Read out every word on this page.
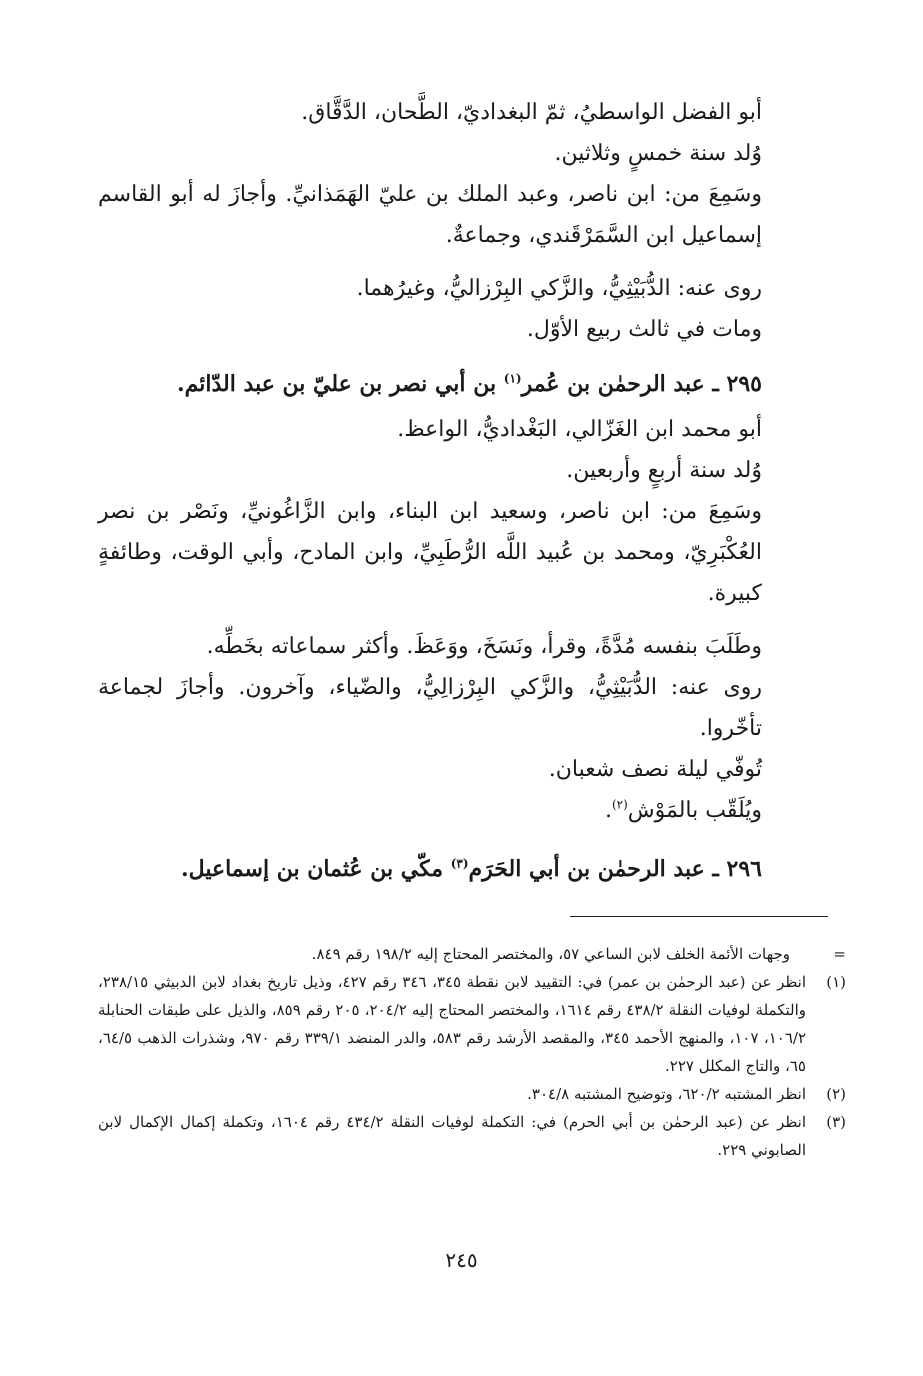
أبو الفضل الواسطيُ، ثمّ البغداديّ، الطَّحان، الدَّقَّاق.

وُلد سنة خمسٍ وثلاثين.

وسَمِعَ من: ابن ناصر، وعبد الملك بن عليّ الهَمَذانيِّ. وأجازَ له أبو القاسم إسماعيل ابن السَّمَرْقَندي، وجماعةٌ.

روى عنه: الدُّبَيْثِيُّ، والزَّكي البِرْزاليُّ، وغيرُهما.

ومات في ثالث ربيع الأوّل.

٢٩٥ ـ عبد الرحمٰن بن عُمر$^{(١)}$ بن أبي نصر بن عليّ بن عبد الدّائم.

أبو محمد ابن الغَزّالي، البَغْداديُّ، الواعظ.

وُلد سنة أربعٍ وأربعين.

وسَمِعَ من: ابن ناصر، وسعيد ابن البناء، وابن الزَّاغُونيِّ، ونَصْر بن نصر العُكْبَرِيّ، ومحمد بن عُبيد اللَّه الرُّطَبِيِّ، وابن المادح، وأبي الوقت، وطائفةٍ كبيرة.

وطَلَبَ بنفسه مُدَّةً، وقرأ، ونَسَخَ، ووَعَظَ. وأكثر سماعاته بخَطِّه.

روى عنه: الدُّبَيْثِيُّ، والزَّكي البِرْزالِيُّ، والضّياء، وآخرون. وأجازَ لجماعة تأخّروا.

تُوفّي ليلة نصف شعبان.

ويُلَقّب بالمَوْش$^{(٢)}$.

٢٩٦ ـ عبد الرحمٰن بن أبي الحَرَم$^{(٣)}$ مكّي بن عُثمان بن إسماعيل.

=
وجهات الأئمة الخلف لابن الساعي ٥٧، والمختصر المحتاج إليه ١٩٨/٢ رقم ٨٤٩.
(١)
انظر عن (عبد الرحمٰن بن عمر) في: التقييد لابن نقطة ٣٤٥، ٣٤٦ رقم ٤٢٧، وذيل تاريخ بغداد لابن الدبيثي ٢٣٨/١٥، والتكملة لوفيات النقلة ٤٣٨/٢ رقم ١٦١٤، والمختصر المحتاج إليه ٢٠٤/٢، ٢٠٥ رقم ٨٥٩، والذيل على طبقات الحنابلة ١٠٦/٢، ١٠٧، والمنهج الأحمد ٣٤٥، والمقصد الأرشد رقم ٥٨٣، والدر المنضد ٣٣٩/١ رقم ٩٧٠، وشذرات الذهب ٦٤/٥، ٦٥، والتاج المكلل ٢٢٧.
(٢)
انظر المشتبه ٦٢٠/٢، وتوضيح المشتبه ٣٠٤/٨.
(٣)
انظر عن (عبد الرحمٰن بن أبي الحرم) في: التكملة لوفيات النقلة ٤٣٤/٢ رقم ١٦٠٤، وتكملة إكمال الإكمال لابن الصابوني ٢٢٩.
٢٤٥
